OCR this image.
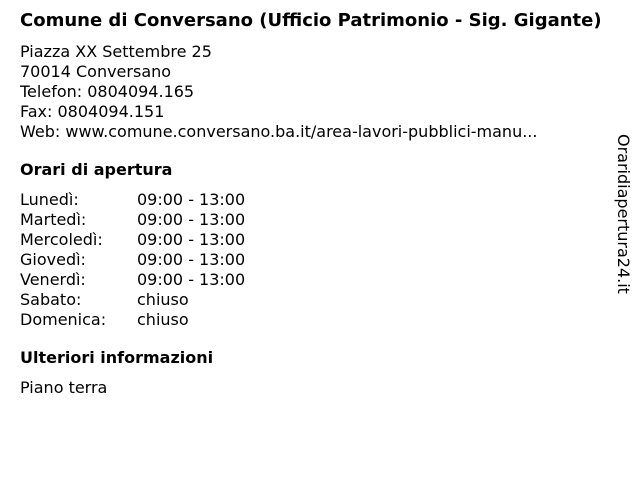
Comune di Conversano (Ufficio Patrimonio - Sig. Gigante)
Piazza XX Settembre 25
70014 Conversano
Telefon: 0804094.165
Fax: 0804094.151
Web: www.comune.conversano.ba.it/area-lavori-pubblici-manu...
Orari di apertura
Lunedì:	09:00 - 13:00
Martedì:	09:00 - 13:00
Mercoledì:	09:00 - 13:00
Giovedì:	09:00 - 13:00
Venerdì:	09:00 - 13:00
Sabato:	chiuso
Domenica:	chiuso
Ulteriori informazioni
Piano terra
Oraridiapertura24.it
